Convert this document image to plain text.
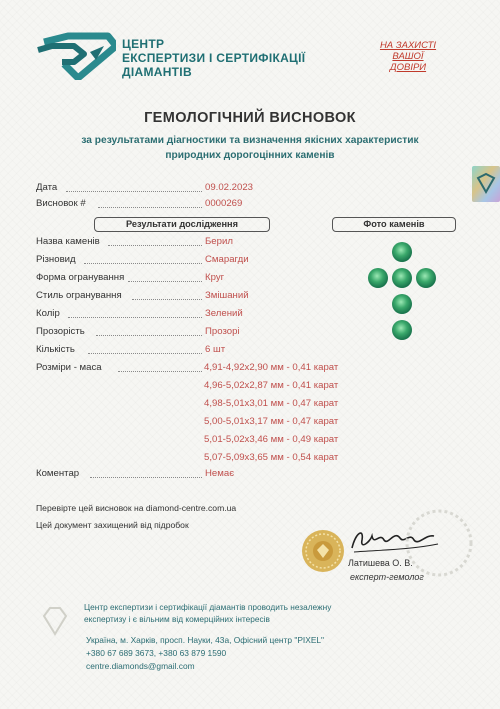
ЦЕНТР
ЕКСПЕРТИЗИ І СЕРТИФІКАЦІЇ
ДІАМАНТІВ
НА ЗАХИСТІ
ВАШОЇ
ДОВІРИ
ГЕМОЛОГІЧНИЙ ВИСНОВОК
за результатами діагностики та визначення якісних характеристик
природних дорогоцінних каменів
Дата	09.02.2023
Висновок #	0000269
Результати дослідження	Фото каменів
Назва каменів	Берил
Різновид	Смарагди
Форма огранування	Круг
Стиль огранування	Змішаний
Колір	Зелений
Прозорість	Прозорі
Кількість	6 шт
Розміри - маса	4,91-4,92x2,90 мм - 0,41 карат
4,96-5,02x2,87 мм - 0,41 карат
4,98-5,01x3,01 мм - 0,47 карат
5,00-5,01x3,17 мм - 0,47 карат
5,01-5,02x3,46 мм - 0,49 карат
5,07-5,09x3,65 мм - 0,54 карат
Коментар	Немає
Перевірте цей висновок на diamond-centre.com.ua
Цей документ захищений від підробок
Латишева О. В.
експерт-гемолог
Центр експертизи і сертифікації діамантів проводить незалежну
експертизу і є вільним від комерційних інтересів
Україна, м. Харків, просп. Науки, 43а, Офісний центр "PIXEL"
+380 67 689 3673, +380 63 879 1590
centre.diamonds@gmail.com
